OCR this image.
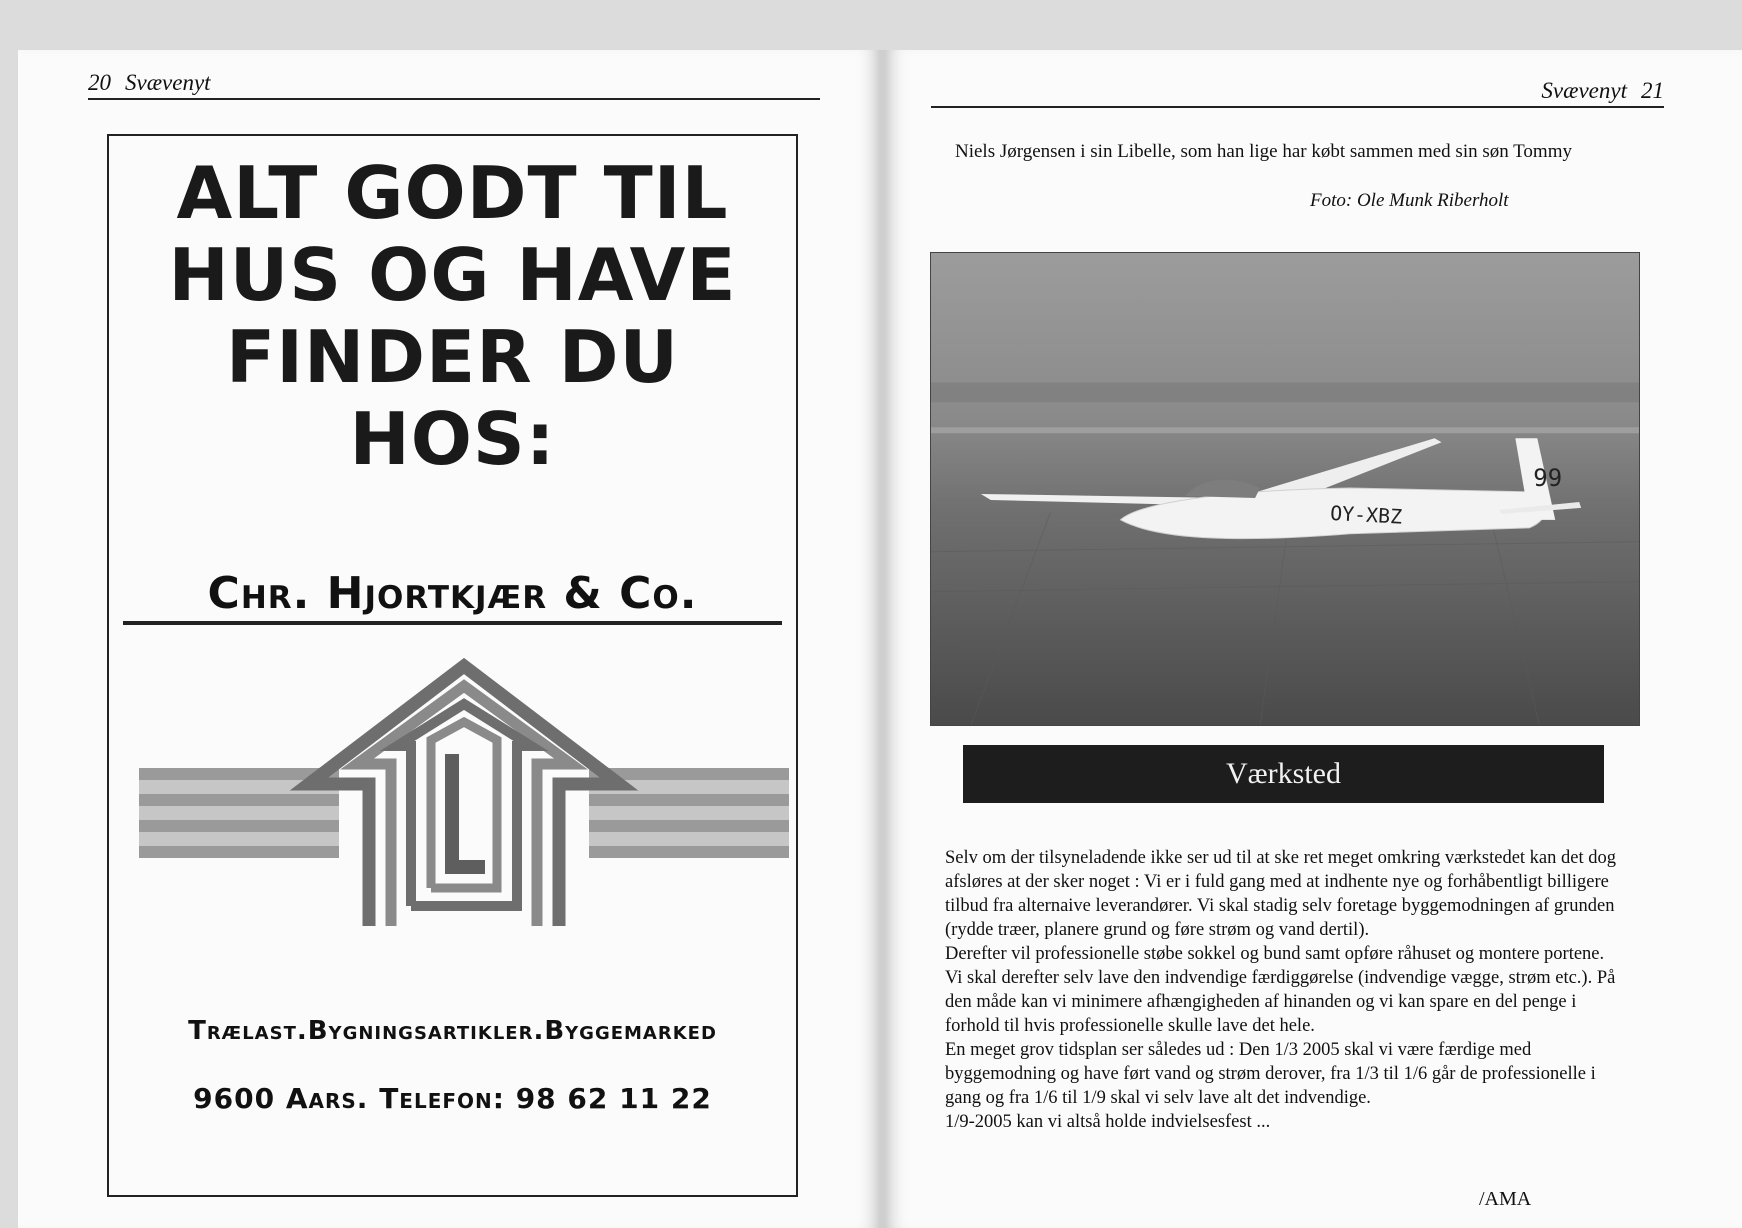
20 Svævenyt
ALT GODT TIL
HUS OG HAVE
FINDER DU
HOS:
Chr. Hjortkjær & Co.
Trælast.Bygningsartikler.Byggemarked
9600 Aars. Telefon: 98 62 11 22
Svævenyt 21
Niels Jørgensen i sin Libelle, som han lige har købt sammen med sin søn Tommy
Foto: Ole Munk Riberholt
OY-XBZ
99
Værksted

Selv om der tilsyneladende ikke ser ud til at ske ret meget omkring værkstedet kan det dog afsløres at der sker noget : Vi er i fuld gang med at indhente nye og forhåbentligt billigere tilbud fra alternaive leverandører. Vi skal stadig selv foretage byggemodningen af grunden (rydde træer, planere grund og føre strøm og vand dertil).

Derefter vil professionelle støbe sokkel og bund samt opføre råhuset og montere portene. Vi skal derefter selv lave den indvendige færdiggørelse (indvendige vægge, strøm etc.). På den måde kan vi minimere afhængigheden af hinanden og vi kan spare en del penge i forhold til hvis professionelle skulle lave det hele.

En meget grov tidsplan ser således ud : Den 1/3 2005 skal vi være færdige med byggemodning og have ført vand og strøm derover, fra 1/3 til 1/6 går de professionelle i gang og fra 1/6 til 1/9 skal vi selv lave alt det indvendige.

1/9-2005 kan vi altså holde indvielsesfest ...

/AMA
